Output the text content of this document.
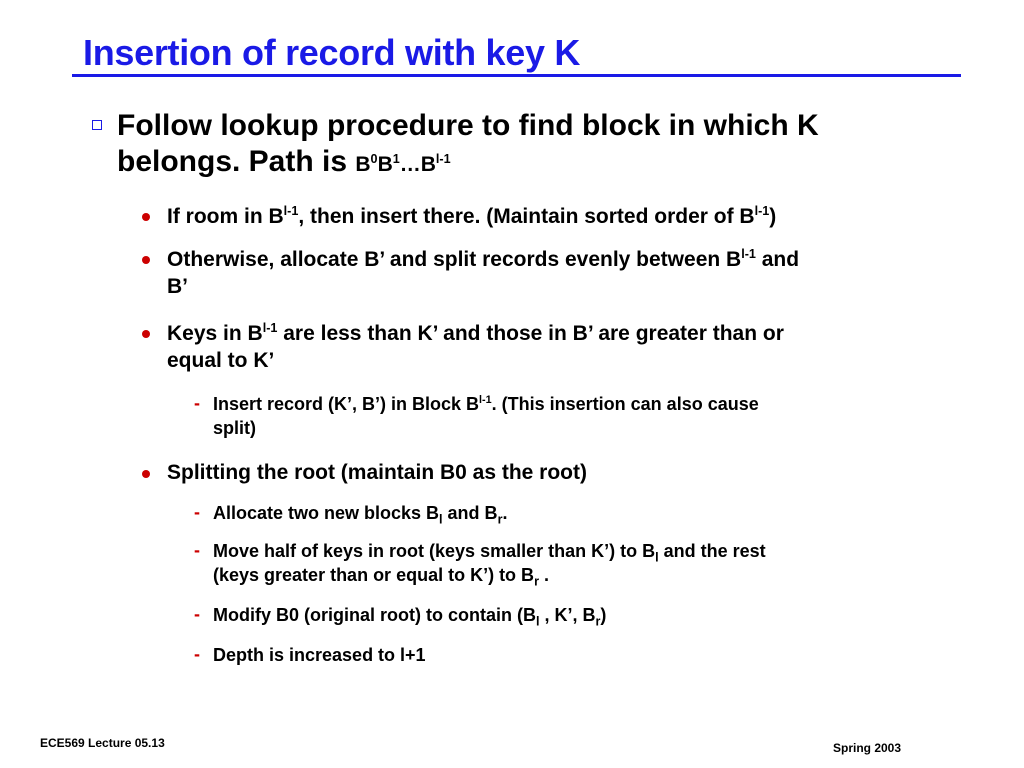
Insertion of record with key K
Follow lookup procedure to find block in which K
belongs. Path is $B^0B^1\dots B^{l-1}$
If room in $B^{l-1}$, then insert there. (Maintain sorted order of $B^{l-1}$)
Otherwise, allocate B’ and split records evenly between $B^{l-1}$ and
B’
Keys in $B^{l-1}$ are less than K’ and those in B’ are greater than or
equal to K’
- Insert record (K’, B’) in Block $B^{l-1}$. (This insertion can also cause
split)
Splitting the root (maintain B0 as the root)
- Allocate two new blocks $B_l$ and $B_r$.
- Move half of keys in root (keys smaller than K’) to $B_l$ and the rest
(keys greater than or equal to K’) to $B_r$ .
- Modify B0 (original root) to contain ($B_l$ , K’, $B_r$)
- Depth is increased to l+1
ECE569 Lecture 05.13	Spring 2003
